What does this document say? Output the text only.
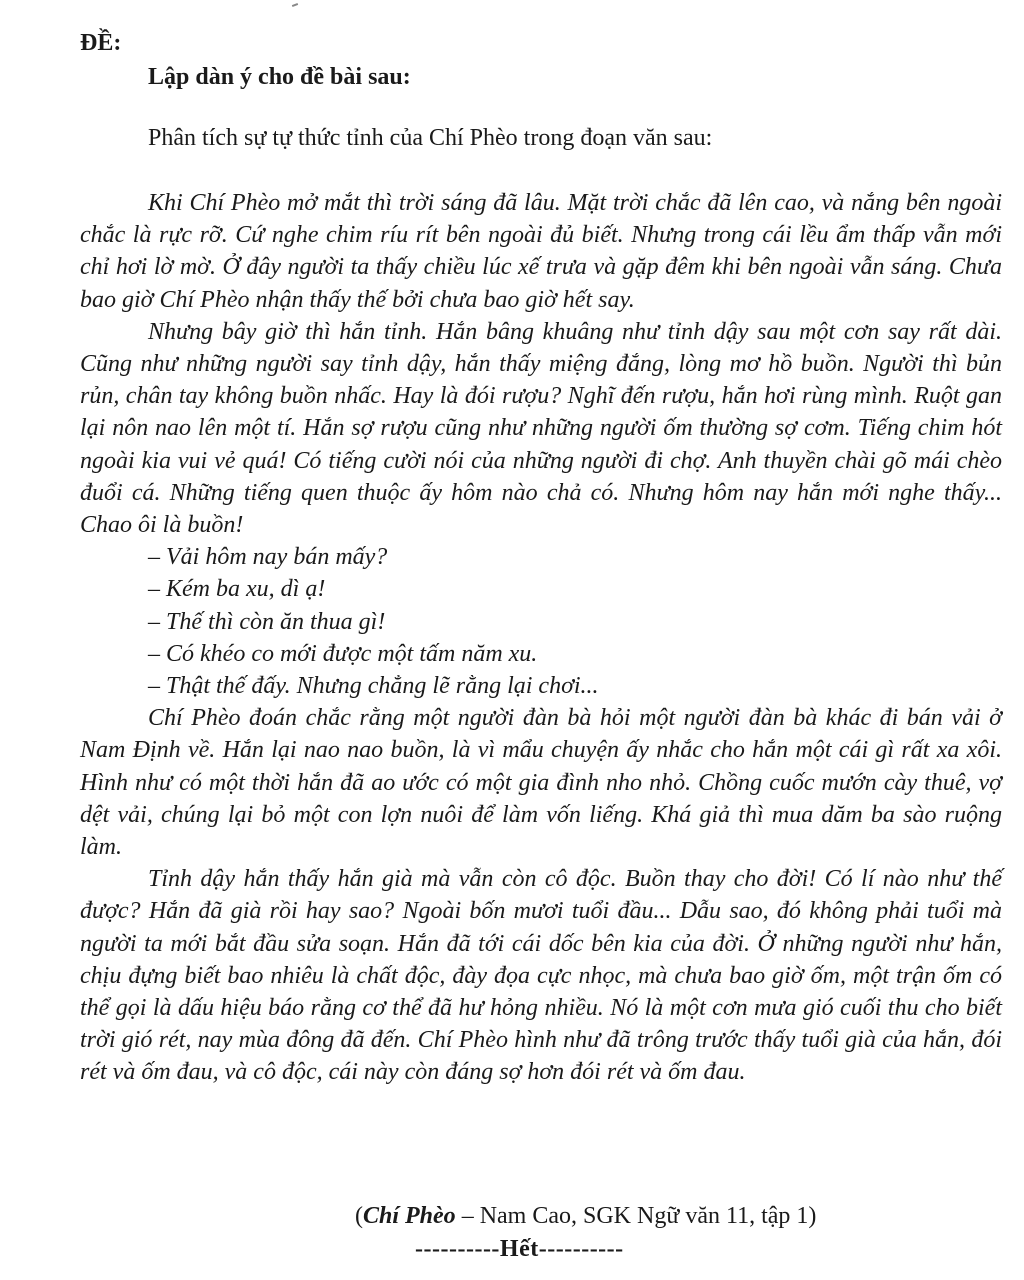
ĐỀ:
Lập dàn ý cho đề bài sau:
Phân tích sự tự thức tỉnh của Chí Phèo trong đoạn văn sau:

Khi Chí Phèo mở mắt thì trời sáng đã lâu. Mặt trời chắc đã lên cao, và nắng bên ngoài chắc là rực rỡ. Cứ nghe chim ríu rít bên ngoài đủ biết. Nhưng trong cái lều ẩm thấp vẫn mới chỉ hơi lờ mờ. Ở đây người ta thấy chiều lúc xế trưa và gặp đêm khi bên ngoài vẫn sáng. Chưa bao giờ Chí Phèo nhận thấy thế bởi chưa bao giờ hết say.

Nhưng bây giờ thì hắn tỉnh. Hắn bâng khuâng như tỉnh dậy sau một cơn say rất dài. Cũng như những người say tỉnh dậy, hắn thấy miệng đắng, lòng mơ hồ buồn. Người thì bủn rủn, chân tay không buồn nhấc. Hay là đói rượu? Nghĩ đến rượu, hắn hơi rùng mình. Ruột gan lại nôn nao lên một tí. Hắn sợ rượu cũng như những người ốm thường sợ cơm. Tiếng chim hót ngoài kia vui vẻ quá! Có tiếng cười nói của những người đi chợ. Anh thuyền chài gõ mái chèo đuổi cá. Những tiếng quen thuộc ấy hôm nào chả có. Nhưng hôm nay hắn mới nghe thấy... Chao ôi là buồn!

– Vải hôm nay bán mấy?

– Kém ba xu, dì ạ!

– Thế thì còn ăn thua gì!

– Có khéo co mới được một tấm năm xu.

– Thật thế đấy. Nhưng chẳng lẽ rằng lại chơi...

Chí Phèo đoán chắc rằng một người đàn bà hỏi một người đàn bà khác đi bán vải ở Nam Định về. Hắn lại nao nao buồn, là vì mẩu chuyện ấy nhắc cho hắn một cái gì rất xa xôi. Hình như có một thời hắn đã ao ước có một gia đình nho nhỏ. Chồng cuốc mướn cày thuê, vợ dệt vải, chúng lại bỏ một con lợn nuôi để làm vốn liếng. Khá giả thì mua dăm ba sào ruộng làm.

Tỉnh dậy hắn thấy hắn già mà vẫn còn cô độc. Buồn thay cho đời! Có lí nào như thế được? Hắn đã già rồi hay sao? Ngoài bốn mươi tuổi đầu... Dẫu sao, đó không phải tuổi mà người ta mới bắt đầu sửa soạn. Hắn đã tới cái dốc bên kia của đời. Ở những người như hắn, chịu đựng biết bao nhiêu là chất độc, đày đọa cực nhọc, mà chưa bao giờ ốm, một trận ốm có thể gọi là dấu hiệu báo rằng cơ thể đã hư hỏng nhiều. Nó là một cơn mưa gió cuối thu cho biết trời gió rét, nay mùa đông đã đến. Chí Phèo hình như đã trông trước thấy tuổi già của hắn, đói rét và ốm đau, và cô độc, cái này còn đáng sợ hơn đói rét và ốm đau.

(Chí Phèo – Nam Cao, SGK Ngữ văn 11, tập 1)
----------Hết----------
